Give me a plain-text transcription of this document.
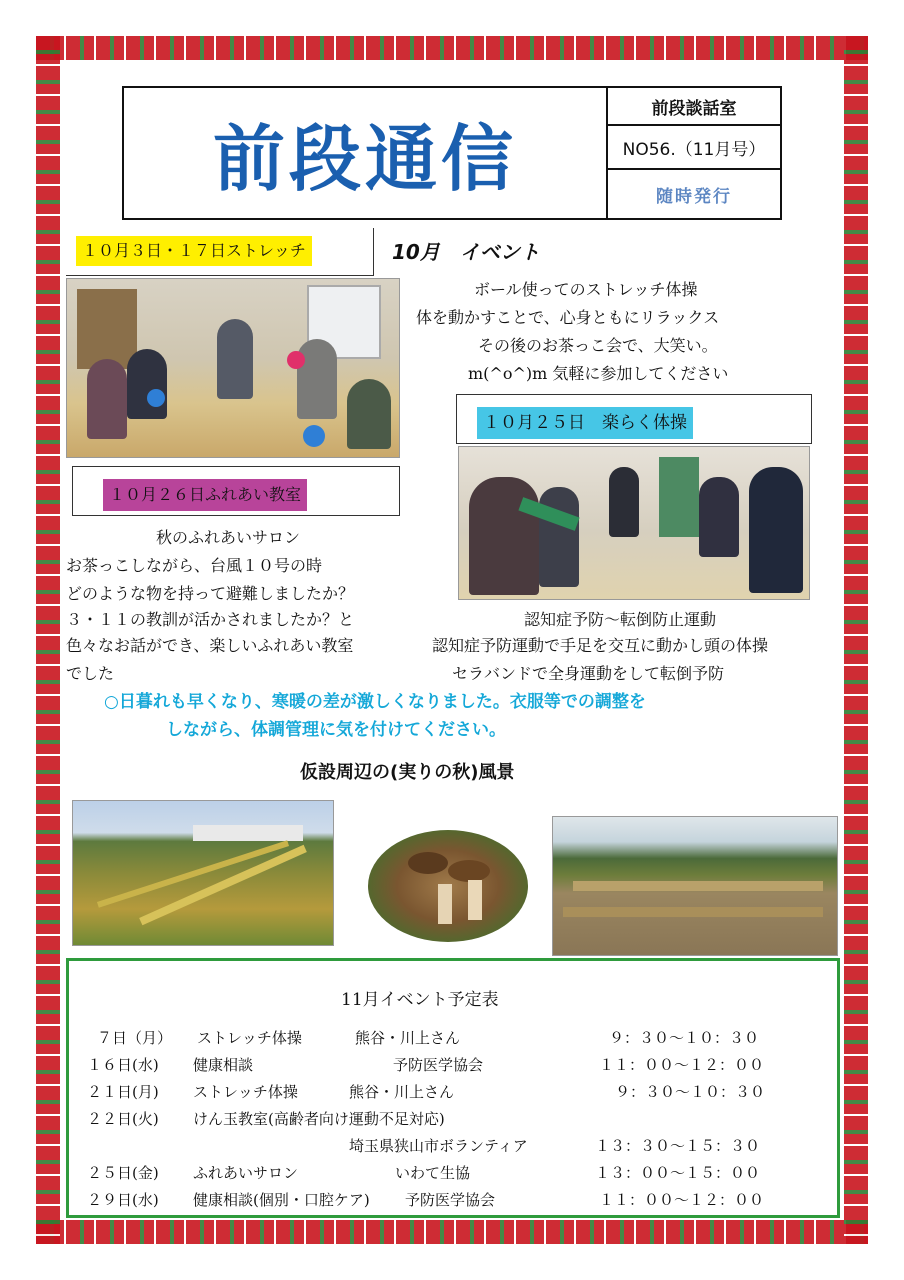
前段通信
前段談話室
NO56.（11月号）
随時発行
１０月３日・１７日ストレッチ	10月　イベント
ボール使ってのストレッチ体操
体を動かすことで、心身ともにリラックス
その後のお茶っこ会で、大笑い。
m(^o^)m 気軽に参加してください
１０月２５日　楽らく体操
１０月２６日ふれあい教室
秋のふれあいサロン
お茶っこしながら、台風１０号の時
どのような物を持って避難しましたか？
３・１１の教訓が活かされましたか？と
色々なお話ができ、楽しいふれあい教室
でした
認知症予防～転倒防止運動
認知症予防運動で手足を交互に動かし頭の体操
セラバンドで全身運動をして転倒予防
○日暮れも早くなり、寒暖の差が激しくなりました。衣服等での調整を
しながら、体調管理に気を付けてください。
仮設周辺の(実りの秋)風景
11月イベント予定表
７日（月） ストレッチ体操	熊谷・川上さん	９：３０～１０：３０
１６日(水) 健康相談	予防医学協会	１１：００～１２：００
２１日(月) ストレッチ体操	熊谷・川上さん	９：３０～１０：３０
２２日(火) けん玉教室(高齢者向け運動不足対応)
埼玉県狭山市ボランティア	１３：３０～１５：３０
２５日(金) ふれあいサロン	いわて生協	１３：００～１５：００
２９日(水) 健康相談(個別・口腔ケア) 予防医学協会	１１：００～１２：００
